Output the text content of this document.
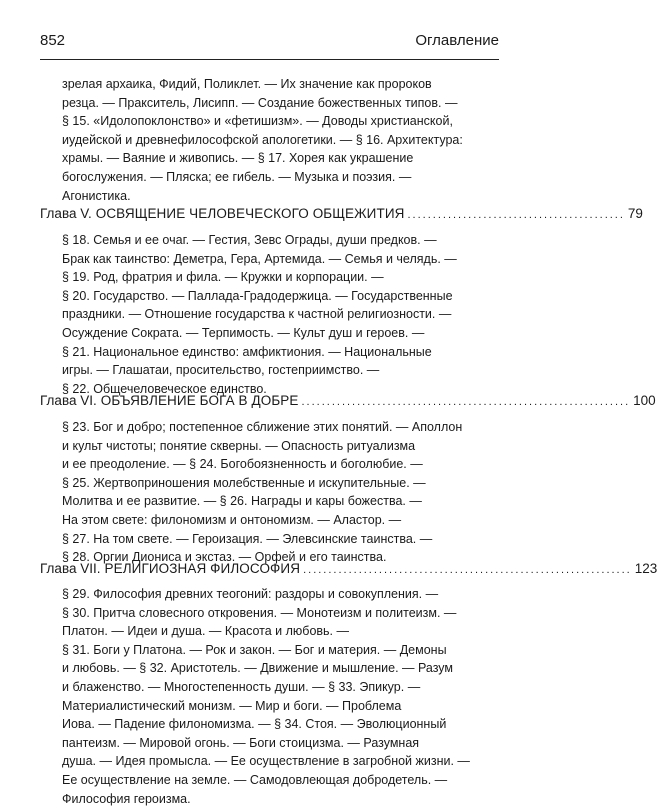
852	Оглавление
зрелая архаика, Фидий, Поликлет. — Их значение как пророков
резца. — Пракситель, Лисипп. — Создание божественных типов. —
§ 15. «Идолопоклонство» и «фетишизм». — Доводы христианской,
иудейской и древнефилософской апологетики. — § 16. Архитектура:
храмы. — Ваяние и живопись. — § 17. Хорея как украшение
богослужения. — Пляска; ее гибель. — Музыка и поэзия. —
Агонистика.
Глава V. ОСВЯЩЕНИЕ ЧЕЛОВЕЧЕСКОГО ОБЩЕЖИТИЯ ........................................... 79
§ 18. Семья и ее очаг. — Гестия, Зевс Ограды, души предков. —
Брак как таинство: Деметра, Гера, Артемида. — Семья и челядь. —
§ 19. Род, фратрия и фила. — Кружки и корпорации. —
§ 20. Государство. — Паллада-Градодержица. — Государственные
праздники. — Отношение государства к частной религиозности. —
Осуждение Сократа. — Терпимость. — Культ душ и героев. —
§ 21. Национальное единство: амфиктиония. — Национальные
игры. — Глашатаи, просительство, гостеприимство. —
§ 22. Общечеловеческое единство.
Глава VI. ОБЪЯВЛЕНИЕ БОГА В ДОБРЕ ................................................................. 100
§ 23. Бог и добро; постепенное сближение этих понятий. — Аполлон
и культ чистоты; понятие скверны. — Опасность ритуализма
и ее преодоление. — § 24. Богобоязненность и боголюбие. —
§ 25. Жертвоприношения молебственные и искупительные. —
Молитва и ее развитие. — § 26. Награды и кары божества. —
На этом свете: филономизм и онтономизм. — Аластор. —
§ 27. На том свете. — Героизация. — Элевсинские таинства. —
§ 28. Оргии Диониса и экстаз. — Орфей и его таинства.
Глава VII. РЕЛИГИОЗНАЯ ФИЛОСОФИЯ ................................................................. 123
§ 29. Философия древних теогоний: раздоры и совокупления. —
§ 30. Притча словесного откровения. — Монотеизм и политеизм. —
Платон. — Идеи и душа. — Красота и любовь. —
§ 31. Боги у Платона. — Рок и закон. — Бог и материя. — Демоны
и любовь. — § 32. Аристотель. — Движение и мышление. — Разум
и блаженство. — Многостепенность души. — § 33. Эпикур. —
Материалистический монизм. — Мир и боги. — Проблема
Иова. — Падение филономизма. — § 34. Стоя. — Эволюционный
пантеизм. — Мировой огонь. — Боги стоицизма. — Разумная
душа. — Идея промысла. — Ее осуществление в загробной жизни. —
Ее осуществление на земле. — Самодовлеющая добродетель. —
Философия героизма.
